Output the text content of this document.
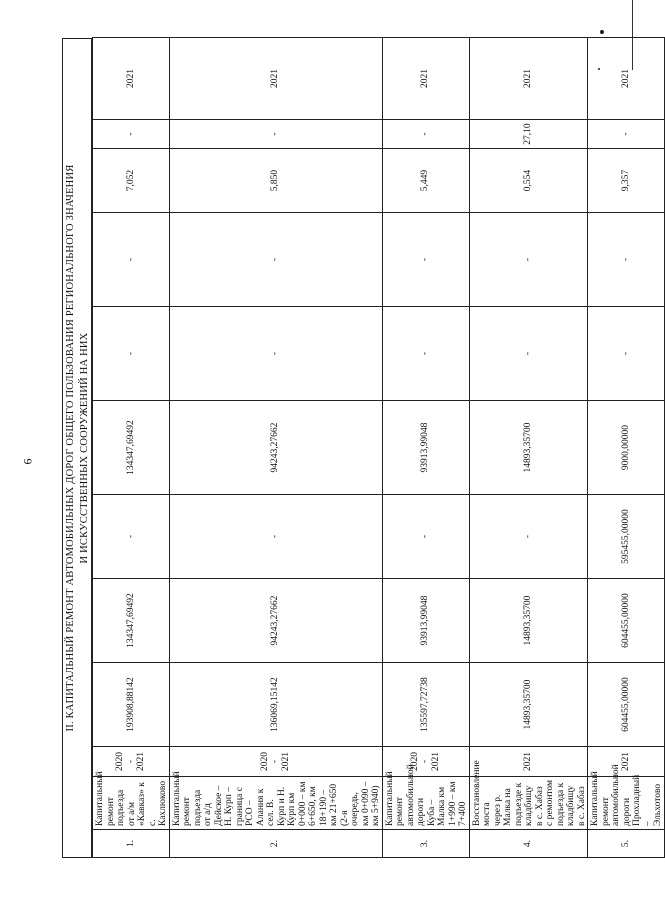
6	II. КАПИТАЛЬНЫЙ РЕМОНТ АВТОМОБИЛЬНЫХ ДОРОГ ОБЩЕГО ПОЛЬЗОВАНИЯ РЕГИОНАЛЬНОГО ЗНАЧЕНИЯ И ИСКУССТВЕННЫХ СООРУЖЕНИЙ НА НИХ
1.	Капитальный ремонт подъезда от а/м «Кавказ» к с. Кахлюково	2020 - 2021	193908,88142	134347,69492	-	134347,69492	-	-	7,052	-	2021
2.	Капитальный ремонт подъезда от а/д Дейское – Н. Курп – граница с РСО – Алания к сел. В. Курп и Н. Курп км 0+000 – км 6+650, км 18+190 – км 21+650 (2-я очередь, км 0+090 – км 5+940)	2020 - 2021	136069,15142	94243,27662	-	94243,27662	-	-	5,850	-	2021
3.	Капитальный ремонт автомобильной дороги Куба – Малка км 1+990 – км 7+400	2020 - 2021	135597,72738	93913,99048	-	93913,99048	-	-	5,449	-	2021
4.	Восстановление моста через р. Малка на подъезде к кладбищу в с. Хабаз с ремонтом подъезда к кладбищу в с. Хабаз	2021	14893,35700	14893,35700	-	14893,35700	-	-	0,554	27,10	2021
5.	Капитальный ремонт автомобильной дороги Прохладный – Эльхотово	2021	604455,00000	604455,00000	595455,00000	9000,00000	-	-	9,357	-	2021
